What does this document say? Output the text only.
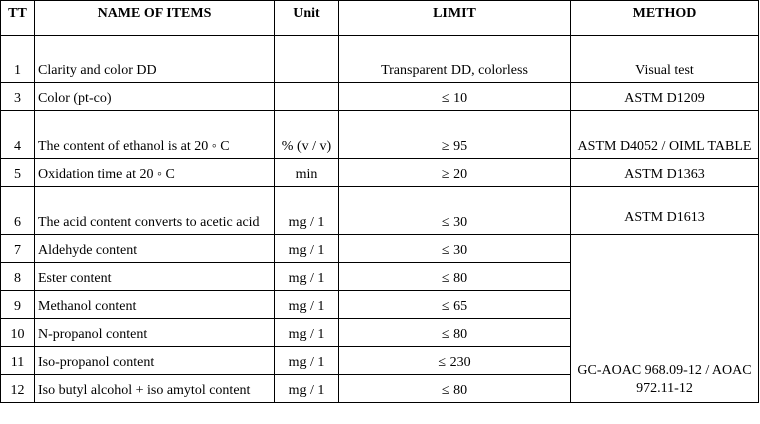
TT	NAME OF ITEMS	Unit	LIMIT	METHOD
1	Clarity and color DD		Transparent DD, colorless	Visual test
3	Color (pt-co)		≤ 10	ASTM D1209
4	The content of ethanol is at 20 ◦ C	% (v / v)	≥ 95	ASTM D4052 / OIML TABLE
5	Oxidation time at 20 ◦ C	min	≥ 20	ASTM D1363
6	The acid content converts to acetic acid	mg / 1	≤ 30	ASTM D1613
7	Aldehyde content	mg / 1	≤ 30	GC-AOAC 968.09-12 / AOAC 972.11-12
8	Ester content	mg / 1	≤ 80	
9	Methanol content	mg / 1	≤ 65	
10	N-propanol content	mg / 1	≤ 80	
11	Iso-propanol content	mg / 1	≤ 230	
12	Iso butyl alcohol + iso amytol content	mg / 1	≤ 80	
